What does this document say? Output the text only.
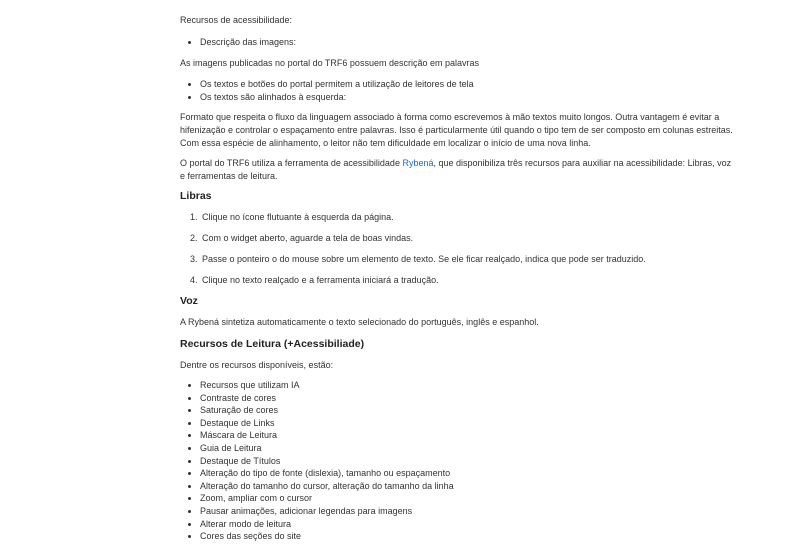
Recursos de acessibilidade:

• Descrição das imagens:

As imagens publicadas no portal do TRF6 possuem descrição em palavras

• Os textos e botões do portal permitem a utilização de leitores de tela
• Os textos são alinhados à esquerda:

Formato que respeita o fluxo da linguagem associado à forma como escrevemos à mão textos muito longos. Outra vantagem é evitar a hifenização e controlar o espaçamento entre palavras. Isso é particularmente útil quando o tipo tem de ser composto em colunas estreitas. Com essa espécie de alinhamento, o leitor não tem dificuldade em localizar o início de uma nova linha.

O portal do TRF6 utiliza a ferramenta de acessibilidade Rybená, que disponibiliza três recursos para auxiliar na acessibilidade: Libras, voz e ferramentas de leitura.

Libras
1. Clique no ícone flutuante à esquerda da página.
2. Com o widget aberto, aguarde a tela de boas vindas.
3. Passe o ponteiro o do mouse sobre um elemento de texto. Se ele ficar realçado, indica que pode ser traduzido.
4. Clique no texto realçado e a ferramenta iniciará a tradução.
Voz

A Rybená sintetiza automaticamente o texto selecionado do português, inglês e espanhol.

Recursos de Leitura (+Acessibiliade)

Dentre os recursos disponíveis, estão:

• Recursos que utilizam IA
• Contraste de cores
• Saturação de cores
• Destaque de Links
• Máscara de Leitura
• Guia de Leitura
• Destaque de Títulos
• Alteração do tipo de fonte (dislexia), tamanho ou espaçamento
• Alteração do tamanho do cursor, alteração do tamanho da linha
• Zoom, ampliar com o cursor
• Pausar animações, adicionar legendas para imagens
• Alterar modo de leitura
• Cores das seções do site
